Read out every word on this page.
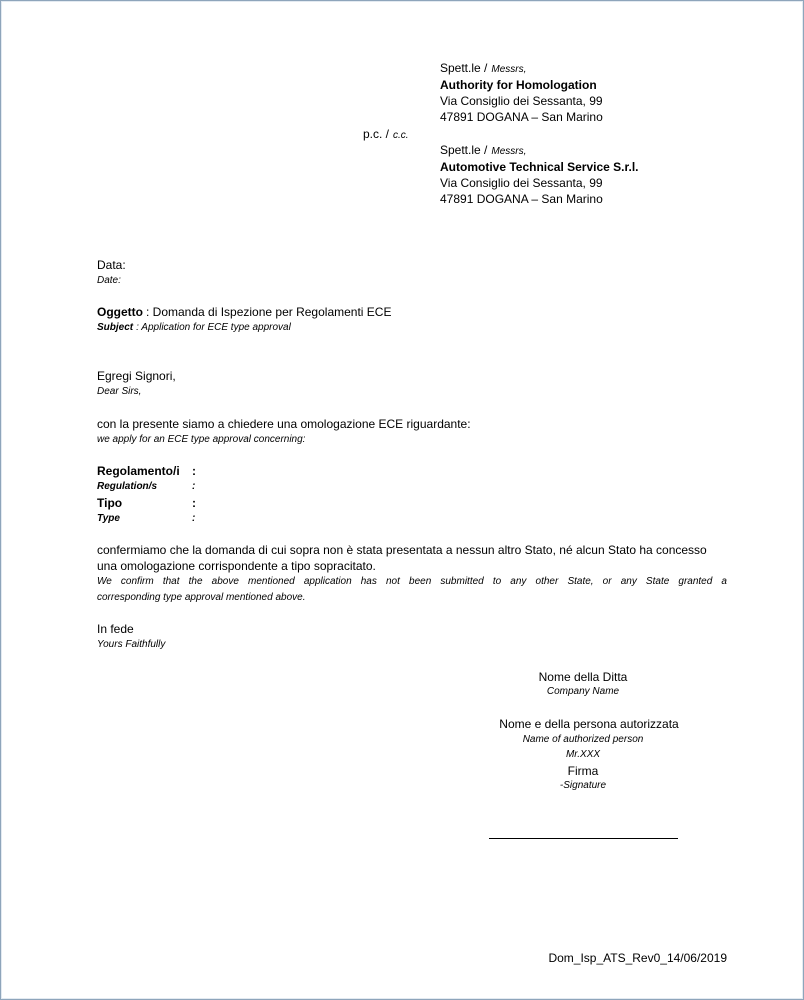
Spett.le / Messrs,
Authority for Homologation
Via Consiglio dei Sessanta, 99
47891 DOGANA – San Marino
p.c. / c.c.
Spett.le / Messrs,
Automotive Technical Service S.r.l.
Via Consiglio dei Sessanta, 99
47891 DOGANA – San Marino
Data:
Date:
Oggetto : Domanda di Ispezione per Regolamenti ECE
Subject : Application for ECE type approval
Egregi Signori,
Dear Sirs,
con la presente siamo a chiedere una omologazione ECE riguardante:
we apply for an ECE type approval concerning:
Regolamento/i :
Regulation/s	:
Tipo	:
Type	:
confermiamo che la domanda di cui sopra non è stata presentata a nessun altro Stato, né alcun Stato ha concesso
una omologazione corrispondente a tipo sopracitato.
We confirm that the above mentioned application has not been submitted to any other State, or any State granted a
corresponding type approval mentioned above.
In fede
Yours Faithfully
Nome della Ditta
Company Name
Nome e della persona autorizzata
Name of authorized person
Mr.XXX
Firma
-Signature
Dom_Isp_ATS_Rev0_14/06/2019
